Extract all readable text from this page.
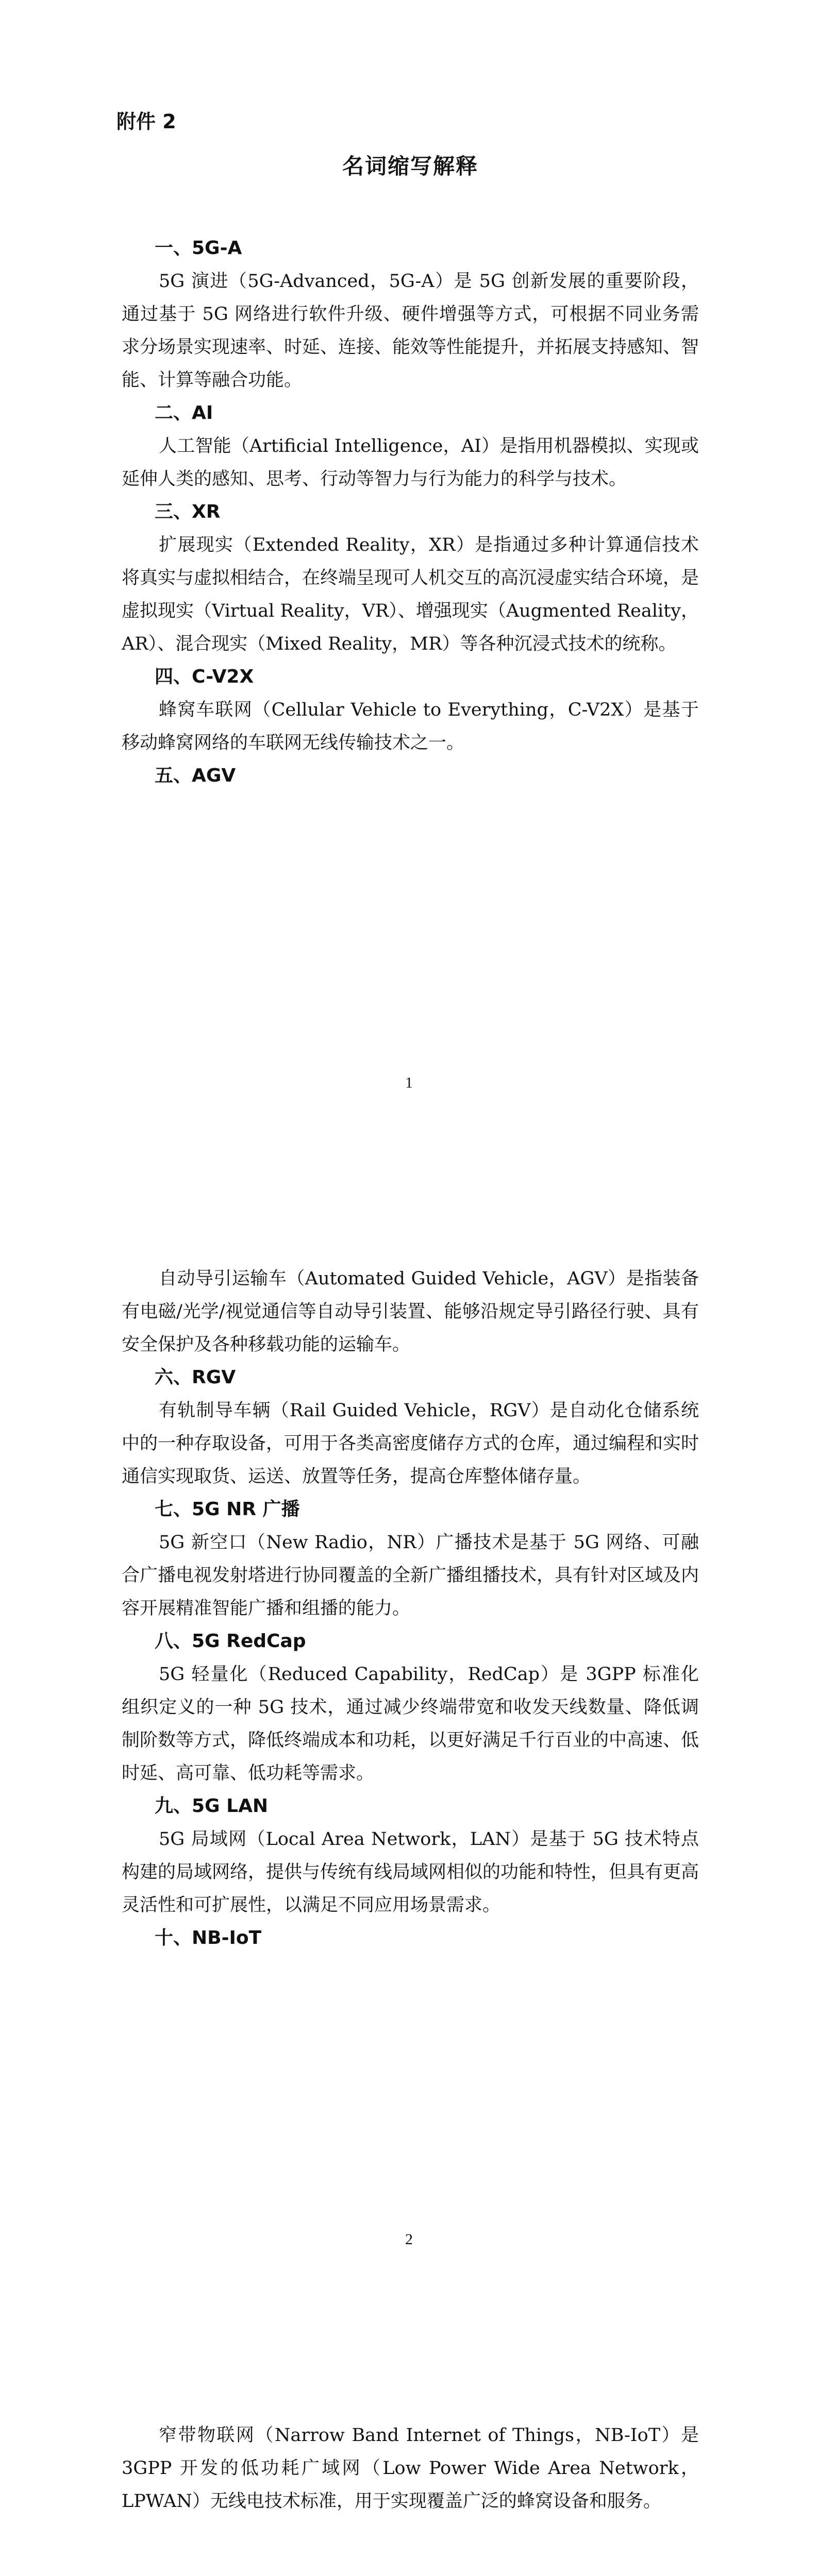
附件 2
名词缩写解释
一、5G-A

5G 演进（5G-Advanced，5G-A）是 5G 创新发展的重要阶段，通过基于 5G 网络进行软件升级、硬件增强等方式，可根据不同业务需求分场景实现速率、时延、连接、能效等性能提升，并拓展支持感知、智能、计算等融合功能。

二、AI

人工智能（Artificial Intelligence，AI）是指用机器模拟、实现或延伸人类的感知、思考、行动等智力与行为能力的科学与技术。

三、XR

扩展现实（Extended Reality，XR）是指通过多种计算通信技术将真实与虚拟相结合，在终端呈现可人机交互的高沉浸虚实结合环境，是虚拟现实（Virtual Reality，VR）、增强现实（Augmented Reality，AR）、混合现实（Mixed Reality，MR）等各种沉浸式技术的统称。

四、C-V2X

蜂窝车联网（Cellular Vehicle to Everything，C-V2X）是基于移动蜂窝网络的车联网无线传输技术之一。

五、AGV
1

自动导引运输车（Automated Guided Vehicle，AGV）是指装备有电磁/光学/视觉通信等自动导引装置、能够沿规定导引路径行驶、具有安全保护及各种移载功能的运输车。

六、RGV

有轨制导车辆（Rail Guided Vehicle，RGV）是自动化仓储系统中的一种存取设备，可用于各类高密度储存方式的仓库，通过编程和实时通信实现取货、运送、放置等任务，提高仓库整体储存量。

七、5G NR 广播

5G 新空口（New Radio，NR）广播技术是基于 5G 网络、可融合广播电视发射塔进行协同覆盖的全新广播组播技术，具有针对区域及内容开展精准智能广播和组播的能力。

八、5G RedCap

5G 轻量化（Reduced Capability，RedCap）是 3GPP 标准化组织定义的一种 5G 技术，通过减少终端带宽和收发天线数量、降低调制阶数等方式，降低终端成本和功耗，以更好满足千行百业的中高速、低时延、高可靠、低功耗等需求。

九、5G LAN

5G 局域网（Local Area Network，LAN）是基于 5G 技术特点构建的局域网络，提供与传统有线局域网相似的功能和特性，但具有更高灵活性和可扩展性，以满足不同应用场景需求。

十、NB-IoT
2

窄带物联网（Narrow Band Internet of Things，NB-IoT）是 3GPP 开发的低功耗广域网（Low Power Wide Area Network，LPWAN）无线电技术标准，用于实现覆盖广泛的蜂窝设备和服务。
